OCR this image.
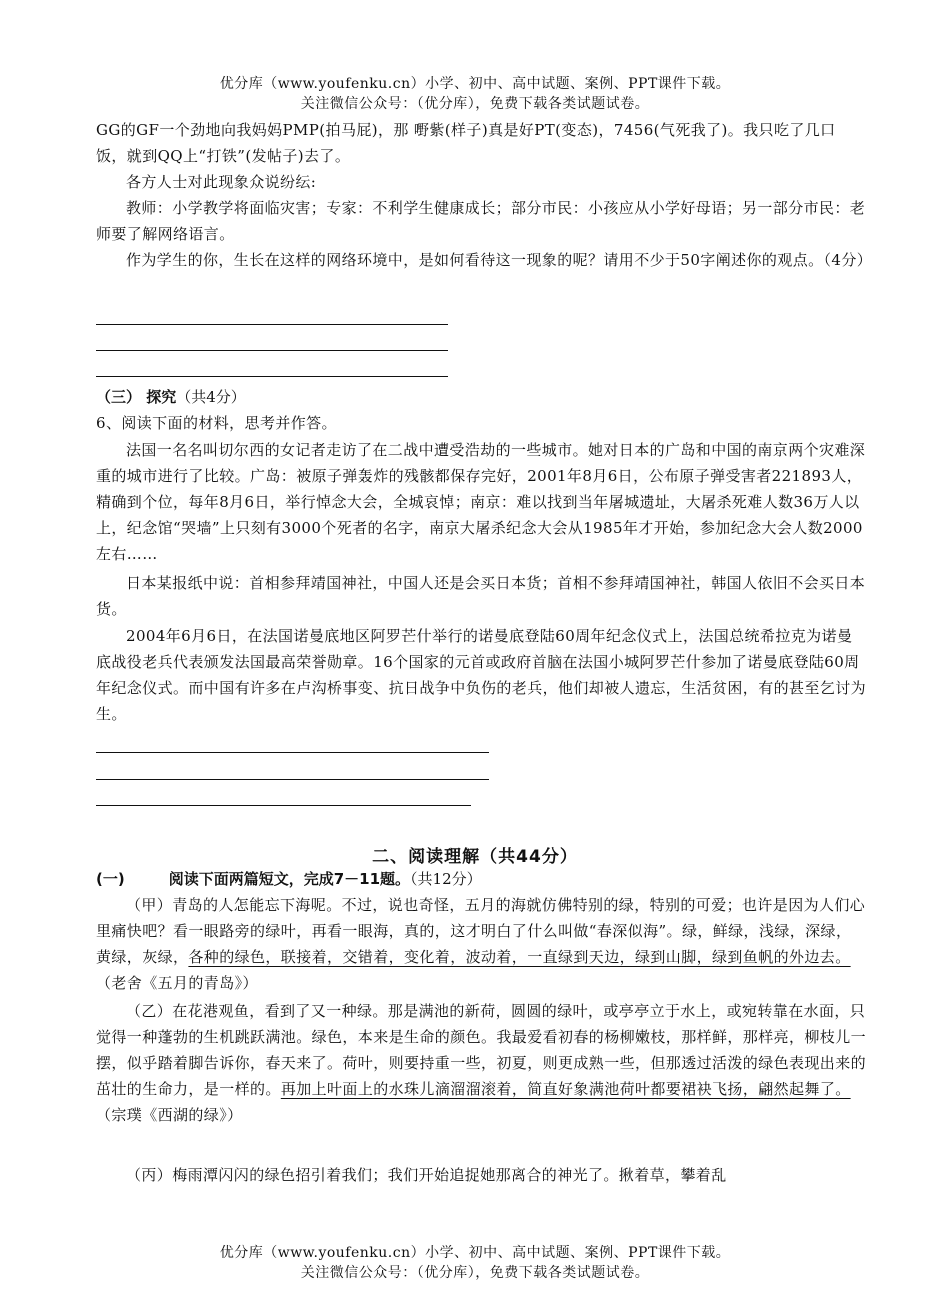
优分库（www.youfenku.cn）小学、初中、高中试题、案例、PPT课件下载。
关注微信公众号：（优分库），免费下载各类试题试卷。
GG的GF一个劲地向我妈妈PMP(拍马屁)，那 嘢紫(样子)真是好PT(变态)，7456(气死我了)。我只吃了几口饭，就到QQ上“打铁”(发帖子)去了。
各方人士对此现象众说纷纭:
教师：小学教学将面临灾害；专家：不利学生健康成长；部分市民：小孩应从小学好母语；另一部分市民：老师要了解网络语言。
作为学生的你，生长在这样的网络环境中，是如何看待这一现象的呢？请用不少于50字阐述你的观点。（4分）
（三） 探究（共4分）
6、阅读下面的材料，思考并作答。
法国一名名叫切尔西的女记者走访了在二战中遭受浩劫的一些城市。她对日本的广岛和中国的南京两个灾难深重的城市进行了比较。广岛：被原子弹轰炸的残骸都保存完好，2001年8月6日，公布原子弹受害者221893人，精确到个位，每年8月6日，举行悼念大会，全城哀悼；南京：难以找到当年屠城遗址，大屠杀死难人数36万人以上，纪念馆“哭墙”上只刻有3000个死者的名字，南京大屠杀纪念大会从1985年才开始，参加纪念大会人数2000左右……
日本某报纸中说：首相参拜靖国神社，中国人还是会买日本货；首相不参拜靖国神社，韩国人依旧不会买日本货。
2004年6月6日，在法国诺曼底地区阿罗芒什举行的诺曼底登陆60周年纪念仪式上，法国总统希拉克为诺曼底战役老兵代表颁发法国最高荣誉勋章。16个国家的元首或政府首脑在法国小城阿罗芒什参加了诺曼底登陆60周年纪念仪式。而中国有许多在卢沟桥事变、抗日战争中负伤的老兵，他们却被人遗忘，生活贫困，有的甚至乞讨为生。
二、阅读理解（共44分）
(一)	阅读下面两篇短文，完成7－11题。（共12分）
（甲）青岛的人怎能忘下海呢。不过，说也奇怪，五月的海就仿佛特别的绿，特别的可爱；也许是因为人们心里痛快吧？看一眼路旁的绿叶，再看一眼海，真的，这才明白了什么叫做“春深似海”。绿，鲜绿，浅绿，深绿，黄绿，灰绿，各种的绿色，联接着，交错着，变化着，波动着，一直绿到天边，绿到山脚，绿到鱼帆的外边去。（老舍《五月的青岛》）
（乙）在花港观鱼，看到了又一种绿。那是满池的新荷，圆圆的绿叶，或亭亭立于水上，或宛转靠在水面，只觉得一种蓬勃的生机跳跃满池。绿色，本来是生命的颜色。我最爱看初春的杨柳嫩枝，那样鲜，那样亮，柳枝儿一摆，似乎踏着脚告诉你，春天来了。荷叶，则要持重一些，初夏，则更成熟一些，但那透过活泼的绿色表现出来的茁壮的生命力，是一样的。再加上叶面上的水珠儿滴溜溜滚着，简直好象满池荷叶都要裙袂飞扬，翩然起舞了。（宗璞《西湖的绿》）
（丙）梅雨潭闪闪的绿色招引着我们；我们开始追捉她那离合的神光了。揪着草，攀着乱
优分库（www.youfenku.cn）小学、初中、高中试题、案例、PPT课件下载。
关注微信公众号：（优分库），免费下载各类试题试卷。
